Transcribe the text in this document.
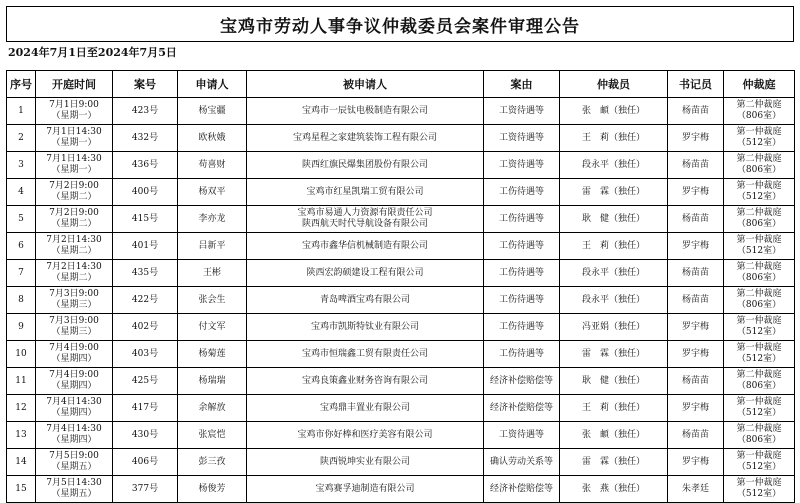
宝鸡市劳动人事争议仲裁委员会案件审理公告
2024年7月1日至2024年7月5日
序号	开庭时间	案号	申请人	被申请人	案由	仲裁员	书记员	仲裁庭
1	7月1日9:00
（星期一）	423号	杨宝疆	宝鸡市一辰钛电极制造有限公司	工资待遇等	张　頔（独任）	杨苗苗	第二仲裁庭
（806室）

2	7月1日14:30
（星期一）	432号	欧秋娥	宝鸡星程之家建筑装饰工程有限公司	工资待遇等	王　莉（独任）	罗宇梅	第一仲裁庭
（512室）

3	7月1日14:30
（星期一）	436号	苟喜财	陕西红旗民爆集团股份有限公司	工资待遇等	段永平（独任）	杨苗苗	第二仲裁庭
（806室）

4	7月2日9:00
（星期二）	400号	杨双平	宝鸡市红星凯瑞工贸有限公司	工伤待遇等	雷　霖（独任）	罗宇梅	第一仲裁庭
（512室）

5	7月2日9:00
（星期二）	415号	李亦龙	宝鸡市易通人力资源有限责任公司
陕西航天时代导航设备有限公司	工伤待遇等	耿　健（独任）	杨苗苗	第二仲裁庭
（806室）

6	7月2日14:30
（星期二）	401号	吕新平	宝鸡市鑫华信机械制造有限公司	工伤待遇等	王　莉（独任）	罗宇梅	第一仲裁庭
（512室）

7	7月2日14:30
（星期二）	435号	王彬	陕西宏韵硕建设工程有限公司	工伤待遇等	段永平（独任）	杨苗苗	第二仲裁庭
（806室）

8	7月3日9:00
（星期三）	422号	张会生	青岛啤酒宝鸡有限公司	工伤待遇等	段永平（独任）	杨苗苗	第二仲裁庭
（806室）

9	7月3日9:00
（星期三）	402号	付文军	宝鸡市凯斯特钛业有限公司	工伤待遇等	冯亚娟（独任）	罗宇梅	第一仲裁庭
（512室）

10	7月4日9:00
（星期四）	403号	杨菊莲	宝鸡市恒瑞鑫工贸有限责任公司	工伤待遇等	雷　霖（独任）	罗宇梅	第一仲裁庭
（512室）

11	7月4日9:00
（星期四）	425号	杨瑞瑞	宝鸡良策鑫业财务咨询有限公司	经济补偿赔偿等	耿　健（独任）	杨苗苗	第二仲裁庭
（806室）

12	7月4日14:30
（星期四）	417号	余解放	宝鸡鼎丰置业有限公司	经济补偿赔偿等	王　莉（独任）	罗宇梅	第一仲裁庭
（512室）

13	7月4日14:30
（星期四）	430号	张宸恺	宝鸡市你好棒和医疗美容有限公司	工资待遇等	张　頔（独任）	杨苗苗	第二仲裁庭
（806室）

14	7月5日9:00
（星期五）	406号	彭三孜	陕西锐坤实业有限公司	确认劳动关系等	雷　霖（独任）	罗宇梅	第一仲裁庭
（512室）

15	7月5日14:30
（星期五）	377号	杨俊芳	宝鸡赛孚迪制造有限公司	经济补偿赔偿等	张　燕（独任）	朱孝廷	第一仲裁庭
（512室）
